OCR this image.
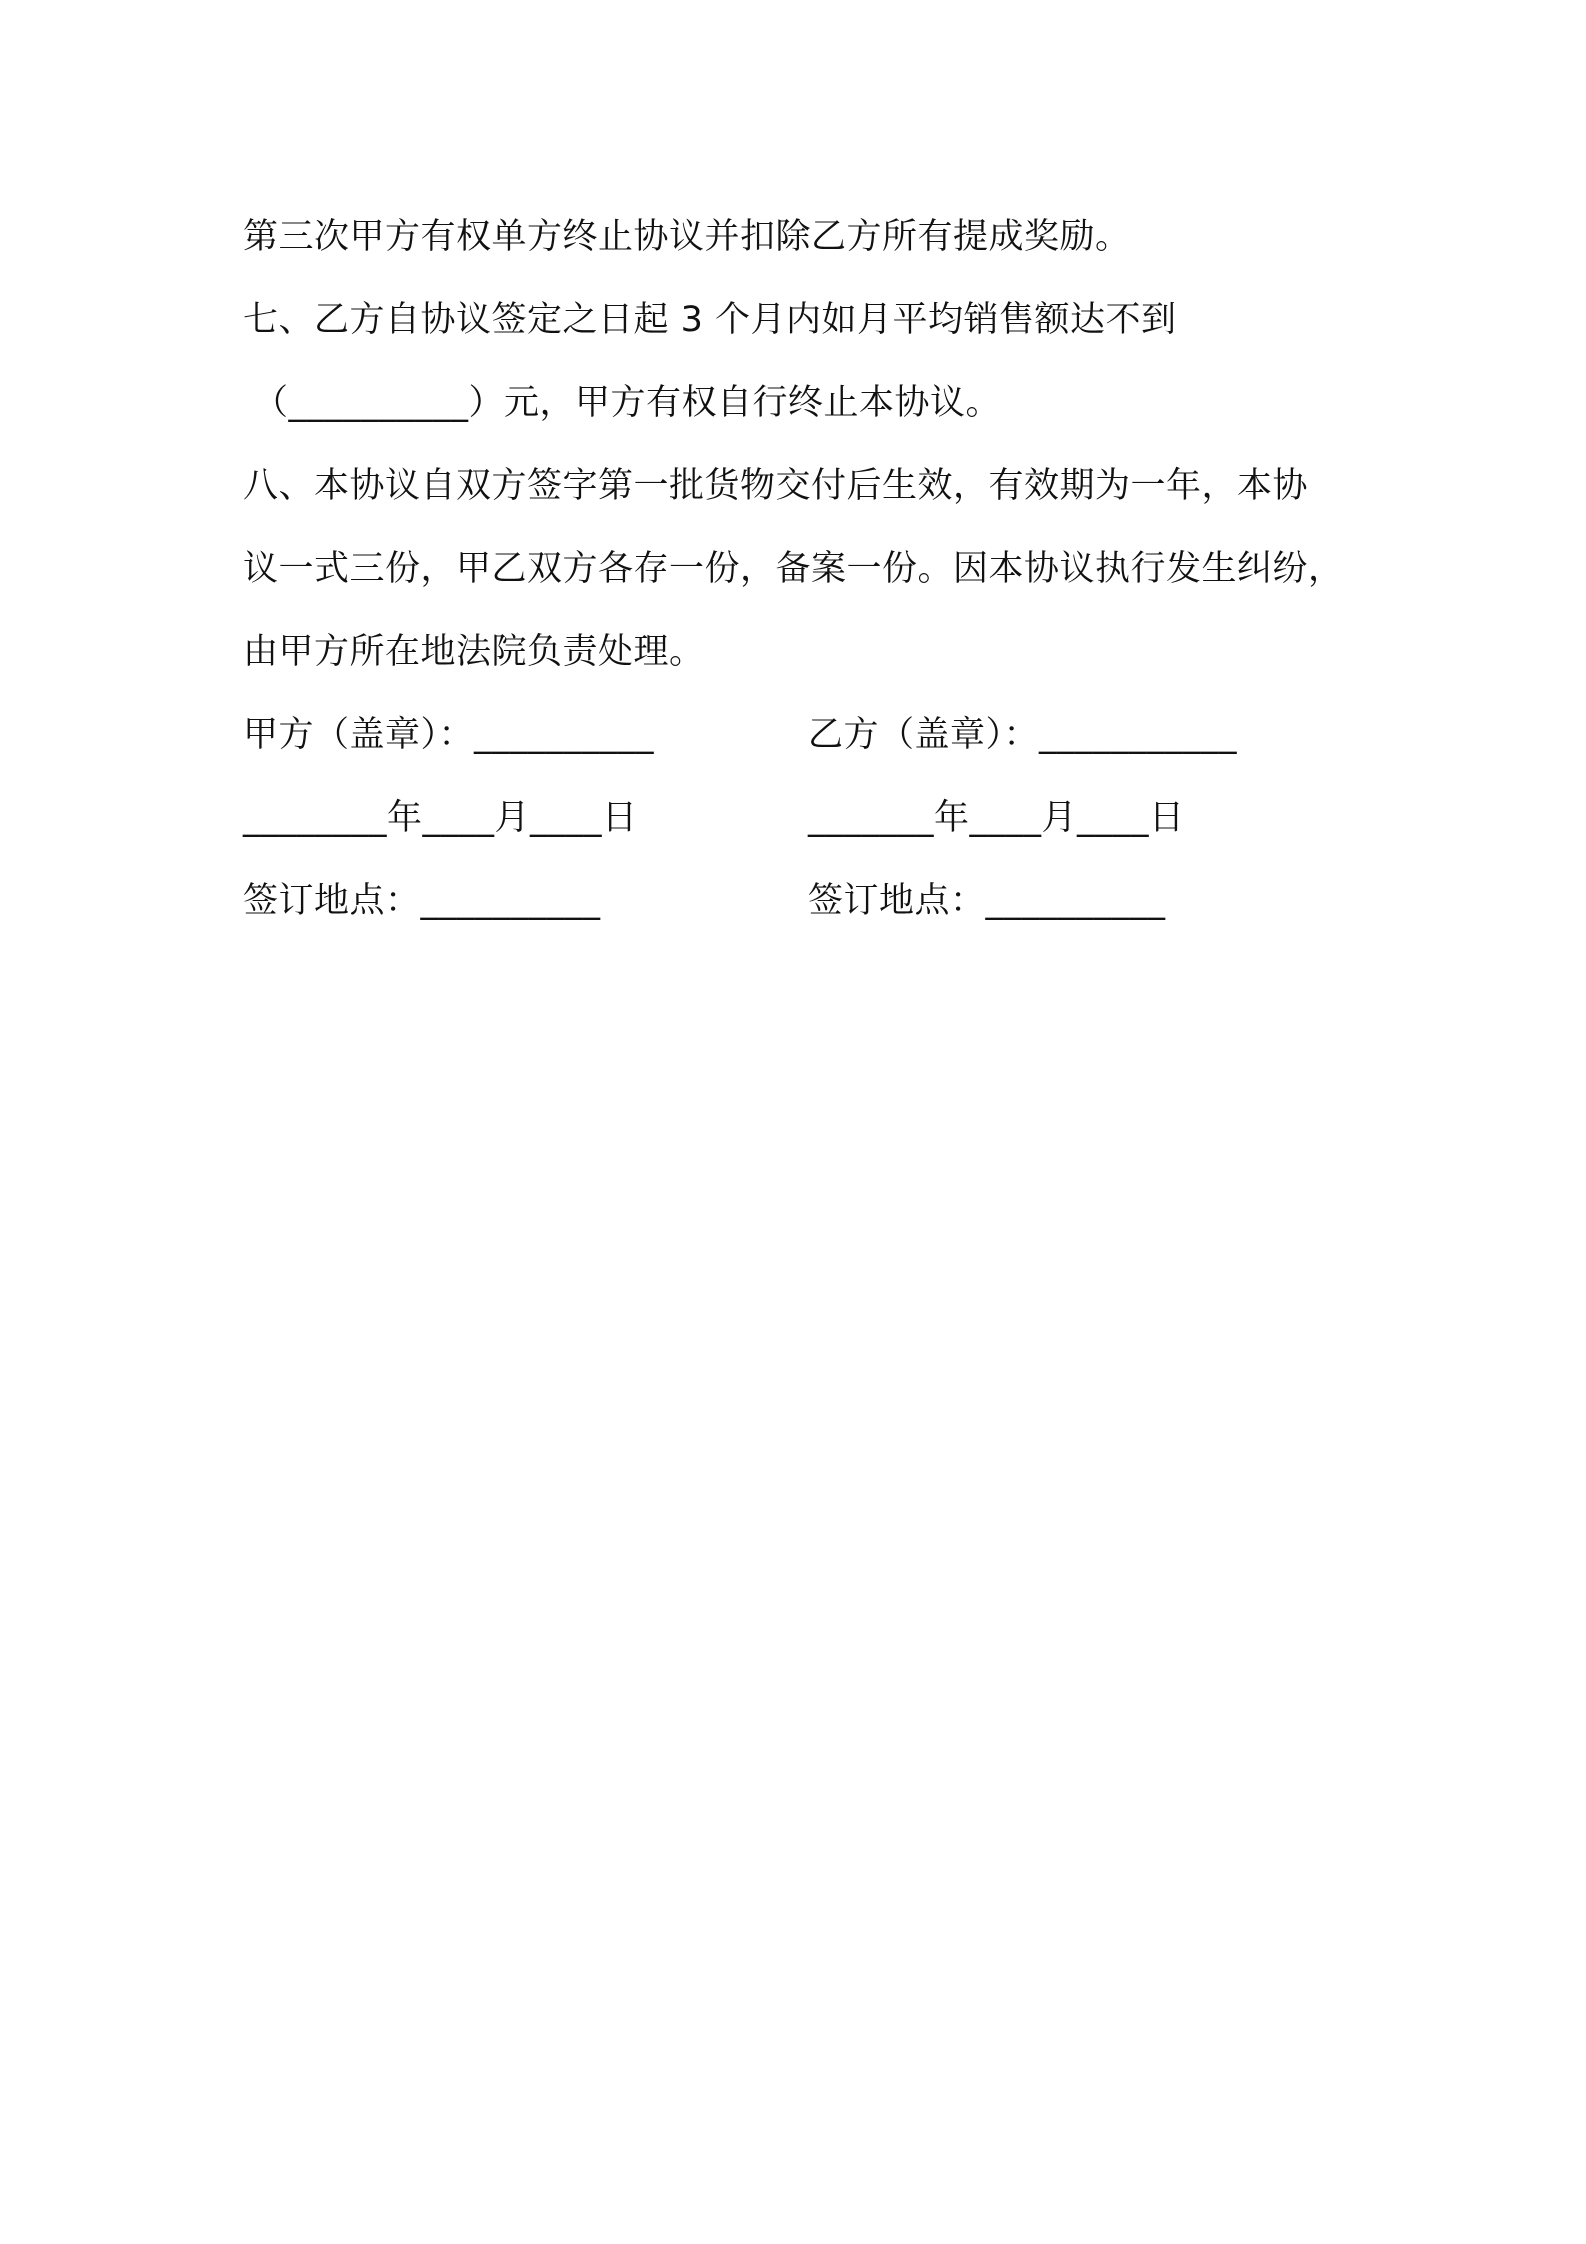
第三次甲方有权单方终止协议并扣除乙方所有提成奖励。
七、乙方自协议签定之日起 3 个月内如月平均销售额达不到
（__________）元，甲方有权自行终止本协议。
八、本协议自双方签字第一批货物交付后生效，有效期为一年，本协
议一式三份，甲乙双方各存一份，备案一份。因本协议执行发生纠纷，
由甲方所在地法院负责处理。
甲方（盖章）：__________	乙方（盖章）：___________
________年____月____日	_______年____月____日
签订地点：__________	签订地点：__________
